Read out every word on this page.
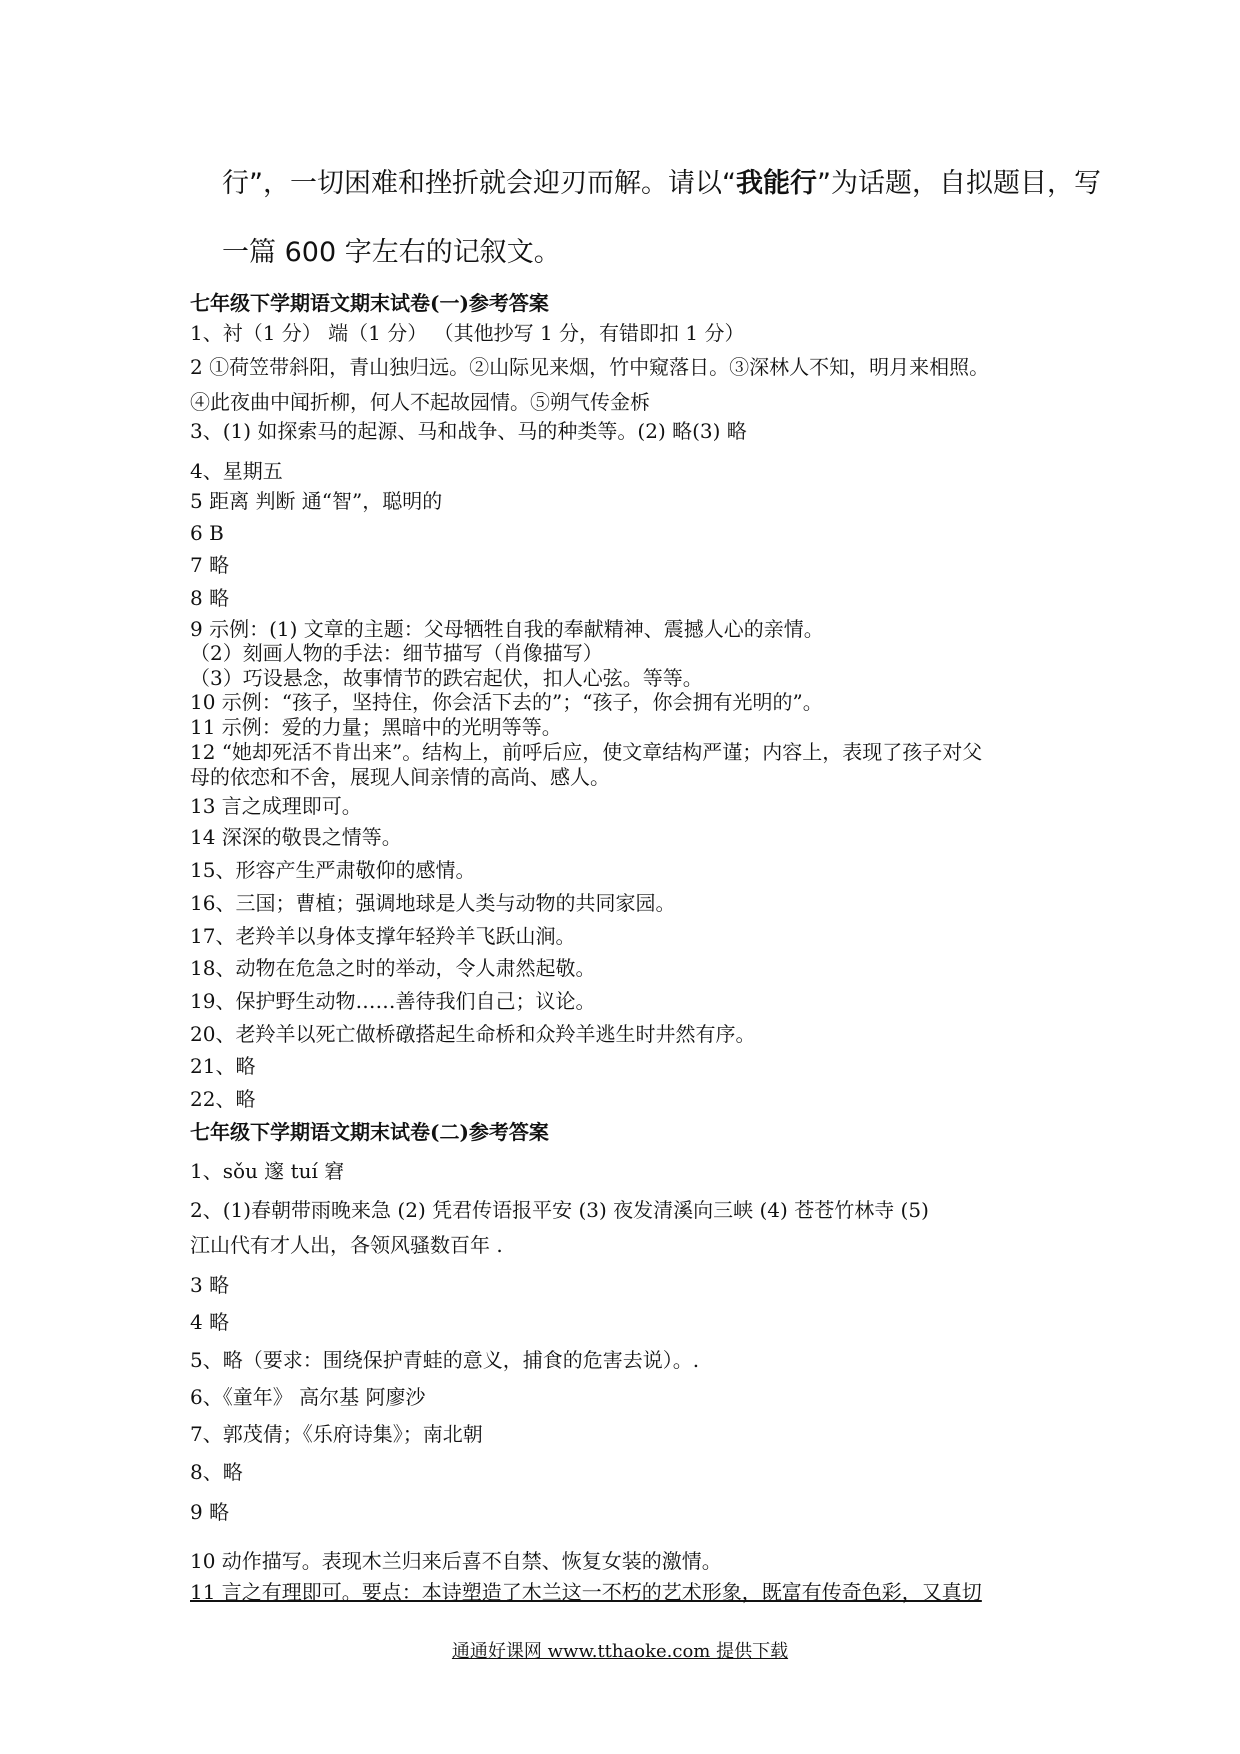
行”，一切困难和挫折就会迎刃而解。请以“我能行”为话题，自拟题目，写
一篇 600 字左右的记叙文。
七年级下学期语文期末试卷(一)参考答案
1、衬（1 分） 端（1 分） （其他抄写 1 分，有错即扣 1 分）
2 ①荷笠带斜阳，青山独归远。②山际见来烟，竹中窥落日。③深林人不知，明月来相照。
④此夜曲中闻折柳，何人不起故园情。⑤朔气传金柝
3、(1) 如探索马的起源、马和战争、马的种类等。(2) 略(3) 略
4、星期五
5 距离 判断 通“智”，聪明的
6 B
7 略
8 略
9 示例：(1) 文章的主题：父母牺牲自我的奉献精神、震撼人心的亲情。
（2）刻画人物的手法：细节描写（肖像描写）
（3）巧设悬念，故事情节的跌宕起伏，扣人心弦。等等。
10 示例：“孩子，坚持住，你会活下去的”；“孩子，你会拥有光明的”。
11 示例：爱的力量；黑暗中的光明等等。
12 “她却死活不肯出来”。结构上，前呼后应，使文章结构严谨；内容上，表现了孩子对父
母的依恋和不舍，展现人间亲情的高尚、感人。
13 言之成理即可。
14 深深的敬畏之情等。
15、形容产生严肃敬仰的感情。
16、三国；曹植；强调地球是人类与动物的共同家园。
17、老羚羊以身体支撑年轻羚羊飞跃山涧。
18、动物在危急之时的举动，令人肃然起敬。
19、保护野生动物……善待我们自己；议论。
20、老羚羊以死亡做桥礅搭起生命桥和众羚羊逃生时井然有序。
21、略
22、略
七年级下学期语文期末试卷(二)参考答案
1、sǒu 邃 tuí 窘
2、(1)春朝带雨晚来急 (2) 凭君传语报平安 (3) 夜发清溪向三峡 (4) 苍苍竹林寺 (5)
江山代有才人出，各领风骚数百年 .
3 略
4 略
5、略（要求：围绕保护青蛙的意义，捕食的危害去说）。.
6、《童年》 高尔基 阿廖沙
7、郭茂倩；《乐府诗集》；南北朝
8、略
9 略
10 动作描写。表现木兰归来后喜不自禁、恢复女装的激情。
11 言之有理即可。要点：本诗塑造了木兰这一不朽的艺术形象，既富有传奇色彩，又真切
通通好课网 www.tthaoke.com 提供下载
